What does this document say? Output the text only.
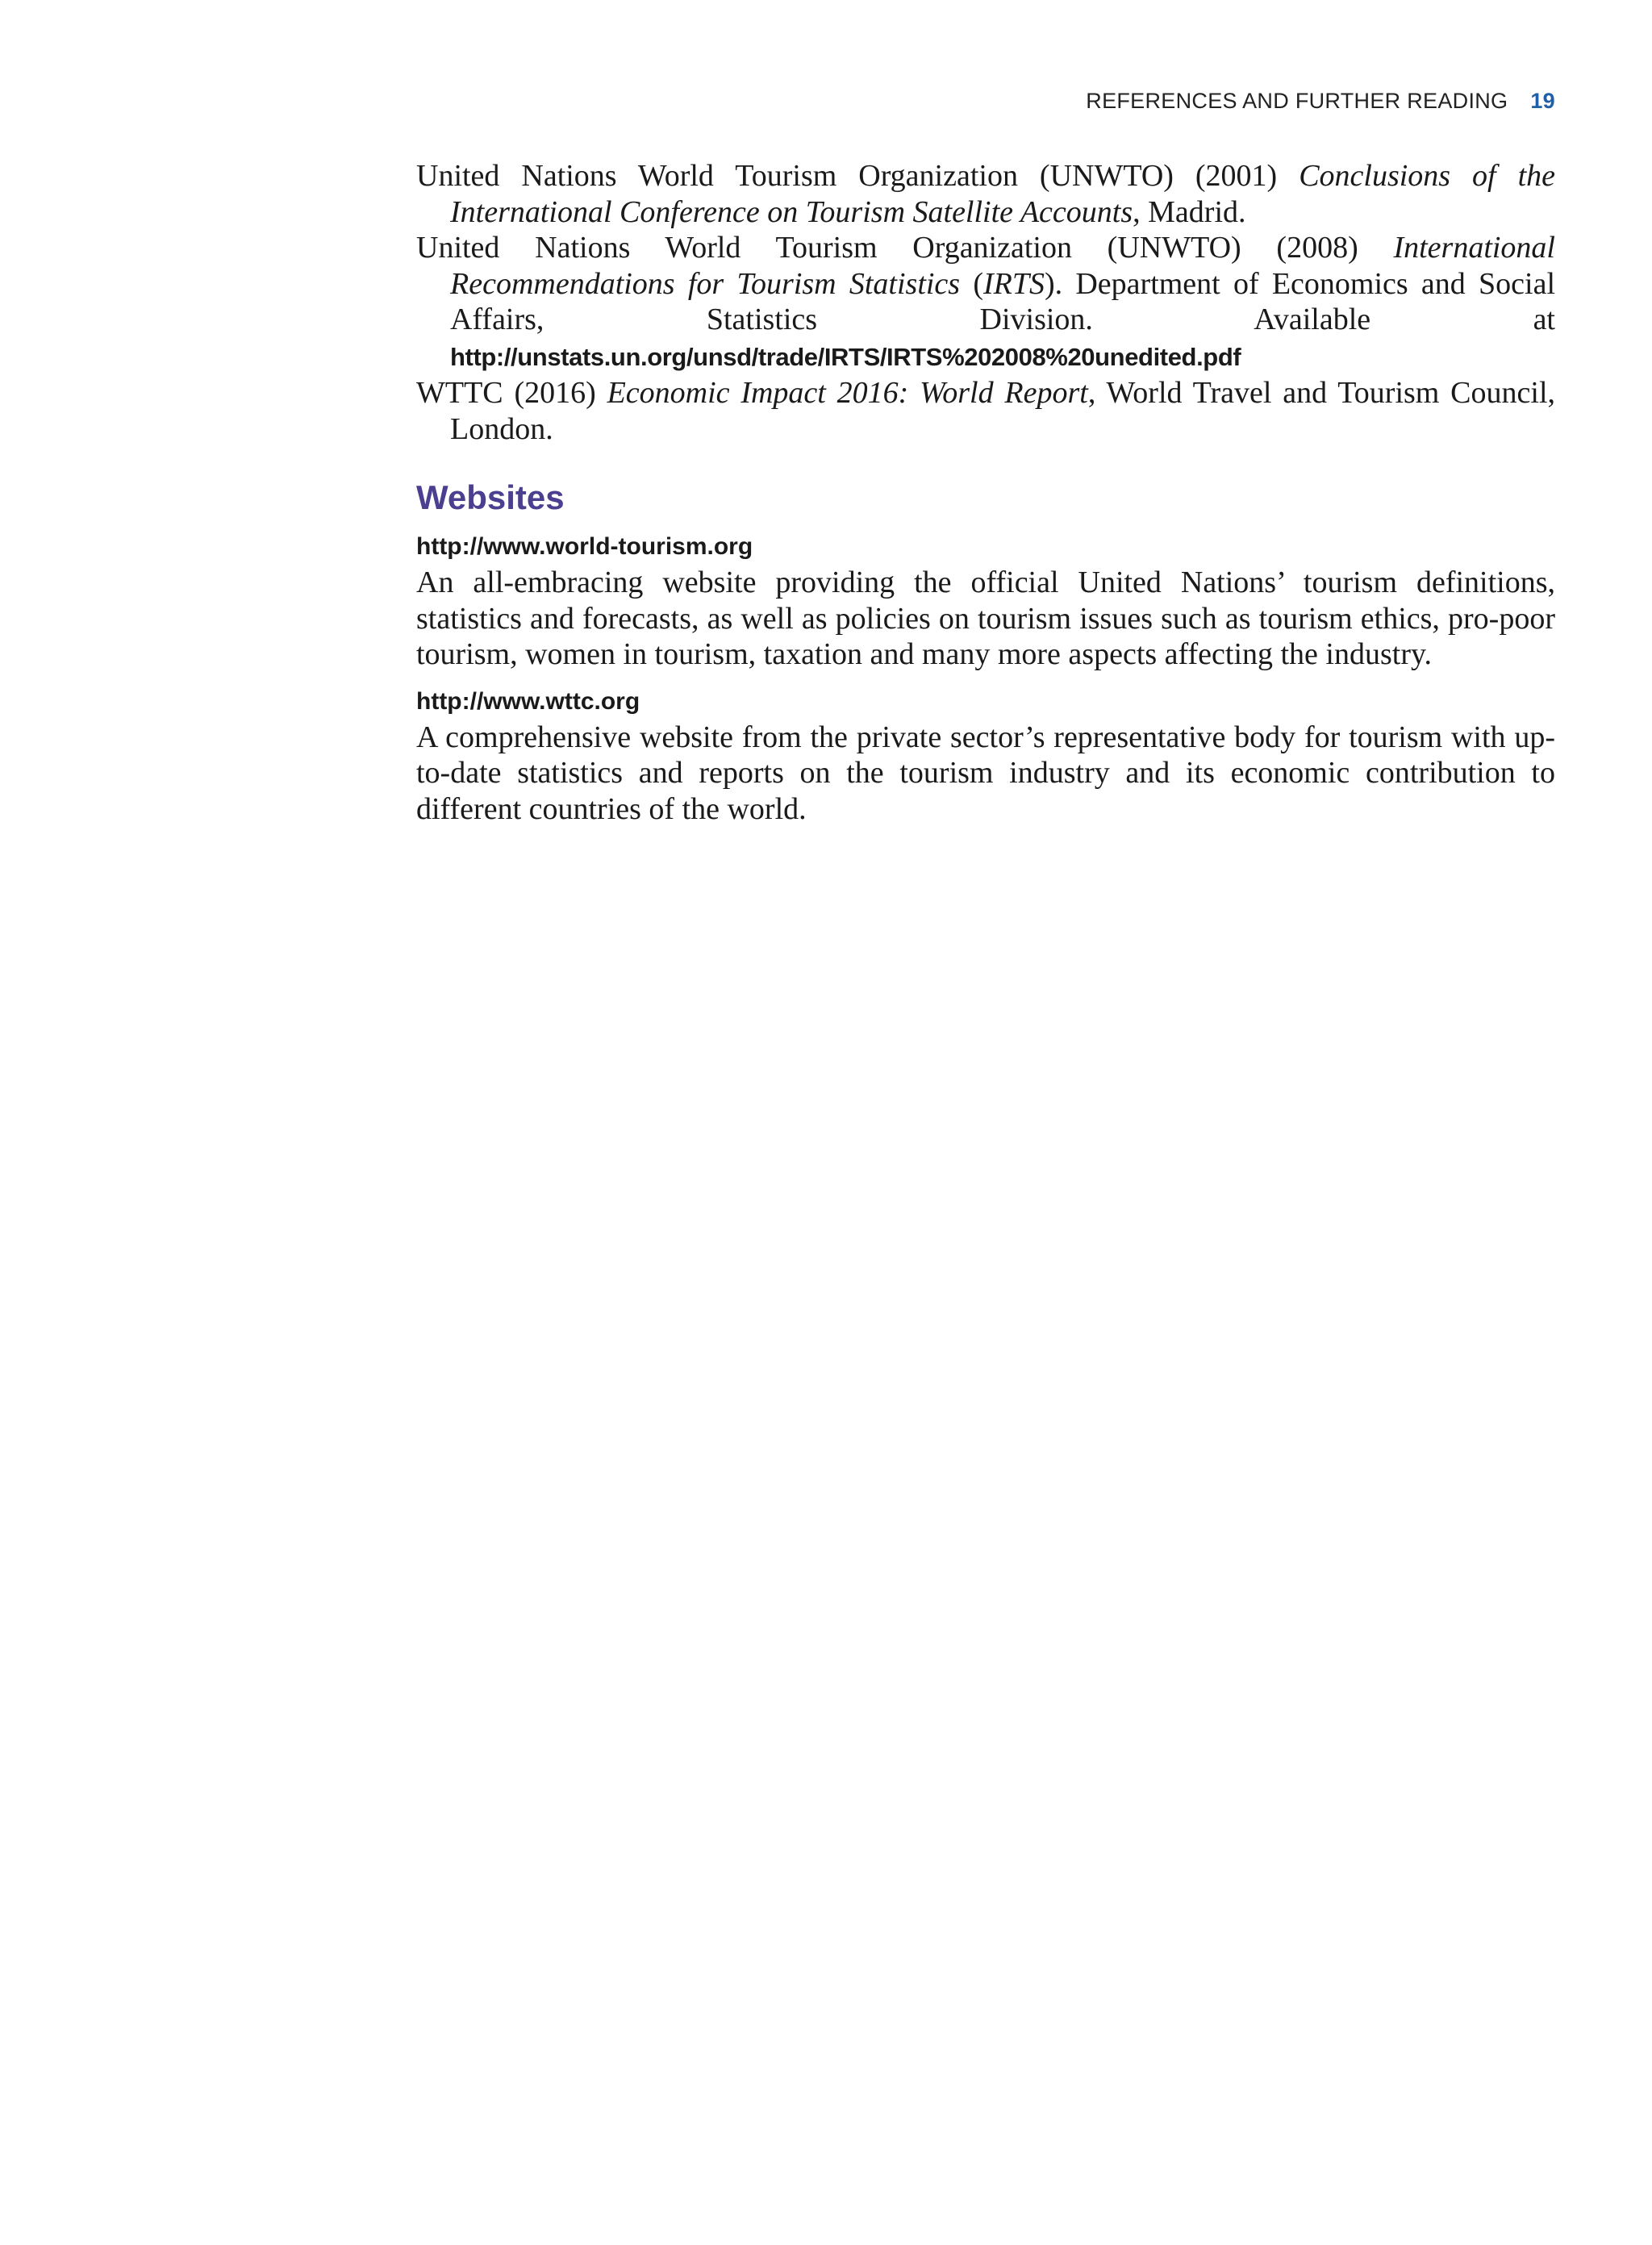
REFERENCES AND FURTHER READING 19

United Nations World Tourism Organization (UNWTO) (2001) Conclusions of the International Conference on Tourism Satellite Accounts, Madrid.

United Nations World Tourism Organization (UNWTO) (2008) International Recommendations for Tourism Statistics (IRTS). Department of Economics and Social Affairs, Statistics Division. Available at http://unstats.un.org/unsd/trade/IRTS/IRTS%202008%20unedited.pdf

WTTC (2016) Economic Impact 2016: World Report, World Travel and Tourism Council, London.

Websites

http://www.world-tourism.org

An all-embracing website providing the official United Nations’ tourism definitions, statistics and forecasts, as well as policies on tourism issues such as tourism ethics, pro-poor tourism, women in tourism, taxation and many more aspects affecting the industry.

http://www.wttc.org

A comprehensive website from the private sector’s representative body for tourism with up-to-date statistics and reports on the tourism industry and its economic contribution to different countries of the world.
